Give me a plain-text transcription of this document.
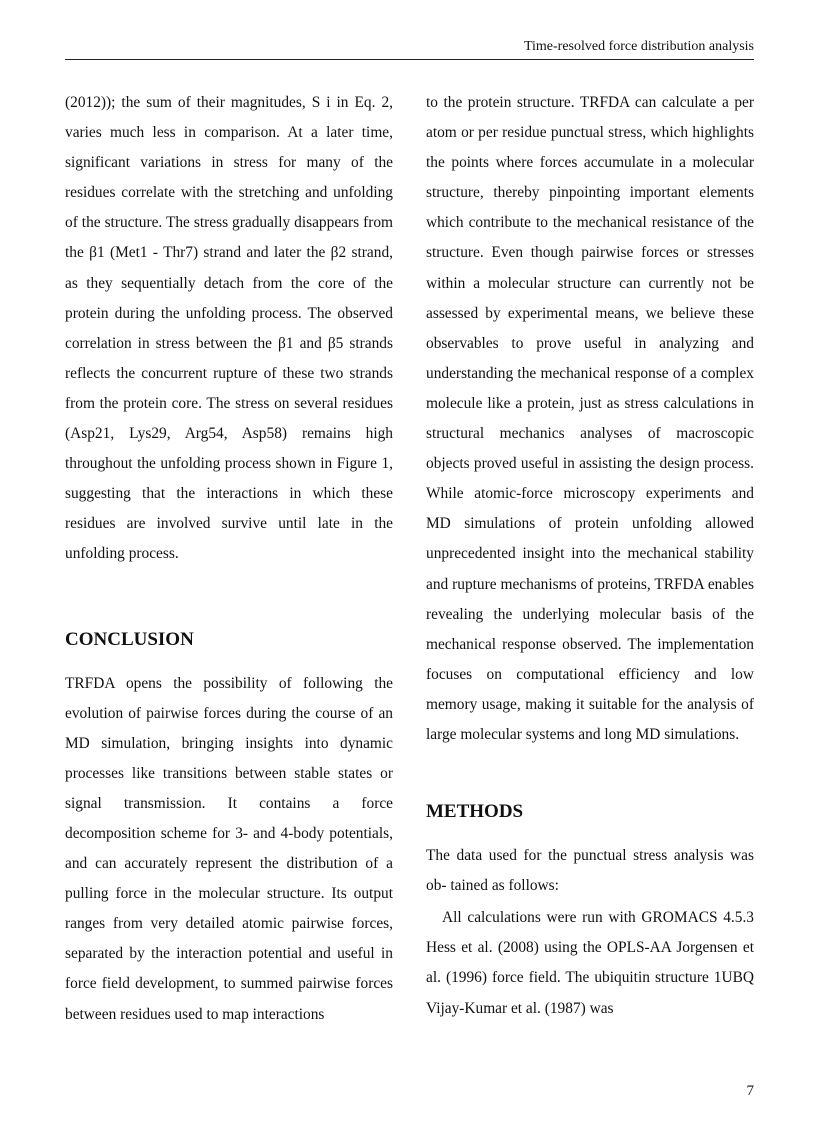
Time-resolved force distribution analysis

(2012)); the sum of their magnitudes, S i in Eq. 2, varies much less in comparison. At a later time, significant variations in stress for many of the residues correlate with the stretching and unfolding of the structure. The stress gradually disappears from the β1 (Met1 - Thr7) strand and later the β2 strand, as they sequentially detach from the core of the protein during the unfolding process. The observed correlation in stress between the β1 and β5 strands reflects the concurrent rupture of these two strands from the protein core. The stress on several residues (Asp21, Lys29, Arg54, Asp58) remains high throughout the unfolding process shown in Figure 1, suggesting that the interactions in which these residues are involved survive until late in the unfolding process.

CONCLUSION

TRFDA opens the possibility of following the evolution of pairwise forces during the course of an MD simulation, bringing insights into dynamic processes like transitions between stable states or signal transmission. It contains a force decomposition scheme for 3- and 4-body potentials, and can accurately represent the distribution of a pulling force in the molecular structure. Its output ranges from very detailed atomic pairwise forces, separated by the interaction potential and useful in force field development, to summed pairwise forces between residues used to map interactions

to the protein structure. TRFDA can calculate a per atom or per residue punctual stress, which highlights the points where forces accumulate in a molecular structure, thereby pinpointing important elements which contribute to the mechanical resistance of the structure. Even though pairwise forces or stresses within a molecular structure can currently not be assessed by experimental means, we believe these observables to prove useful in analyzing and understanding the mechanical response of a complex molecule like a protein, just as stress calculations in structural mechanics analyses of macroscopic objects proved useful in assisting the design process. While atomic-force microscopy experiments and MD simulations of protein unfolding allowed unprecedented insight into the mechanical stability and rupture mechanisms of proteins, TRFDA enables revealing the underlying molecular basis of the mechanical response observed. The implementation focuses on computational efficiency and low memory usage, making it suitable for the analysis of large molecular systems and long MD simulations.

METHODS

The data used for the punctual stress analysis was ob- tained as follows:

All calculations were run with GROMACS 4.5.3 Hess et al. (2008) using the OPLS-AA Jorgensen et al. (1996) force field. The ubiquitin structure 1UBQ Vijay-Kumar et al. (1987) was

7
